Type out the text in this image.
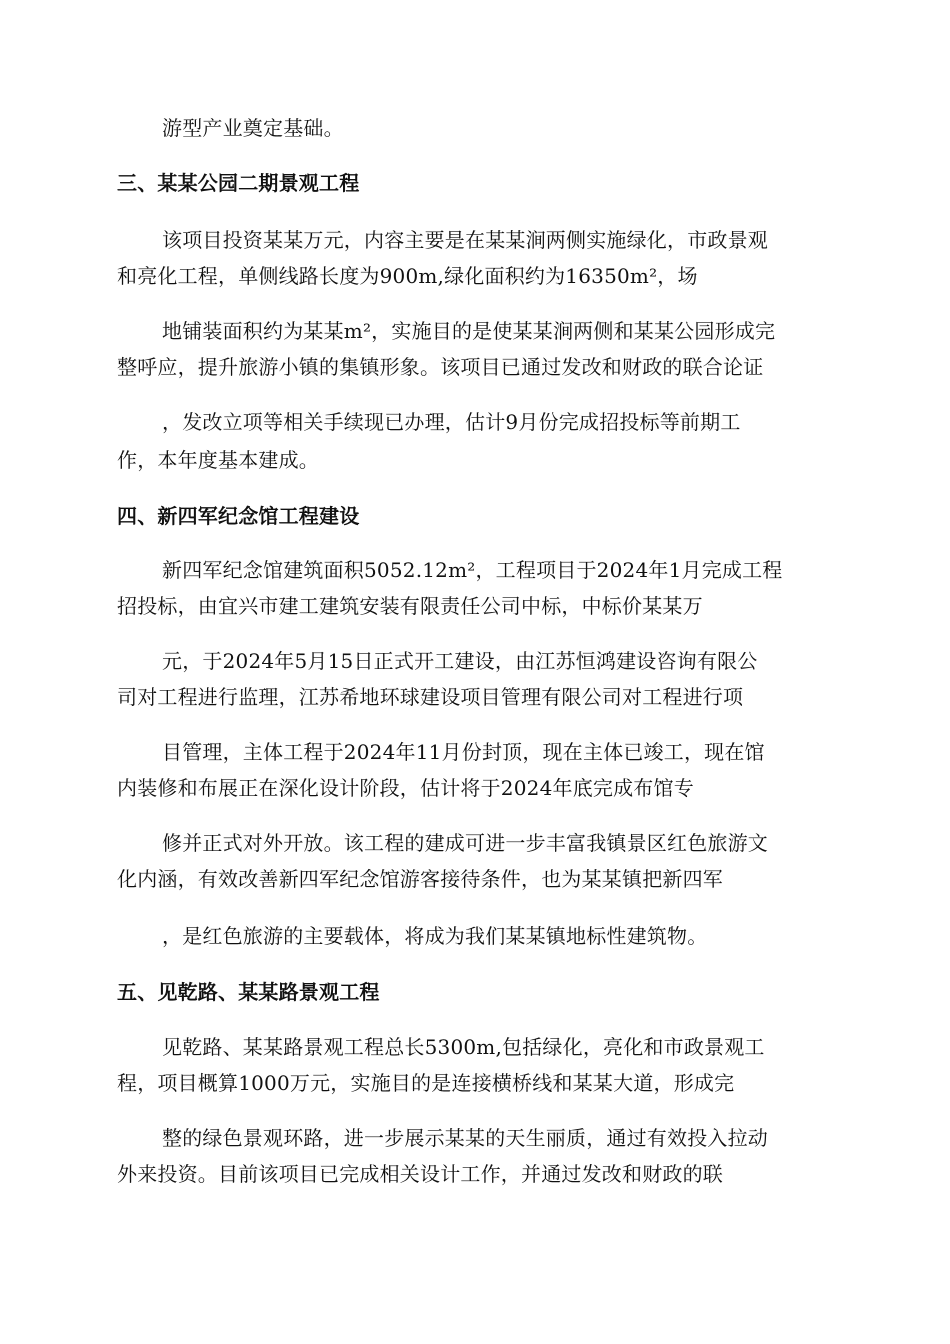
游型产业奠定基础。
三、某某公园二期景观工程
该项目投资某某万元，内容主要是在某某涧两侧实施绿化，市政景观
和亮化工程，单侧线路长度为900m,绿化面积约为16350m²，场
地铺装面积约为某某m²，实施目的是使某某涧两侧和某某公园形成完
整呼应，提升旅游小镇的集镇形象。该项目已通过发改和财政的联合论证
，发改立项等相关手续现已办理，估计9月份完成招投标等前期工
作，本年度基本建成。
四、新四军纪念馆工程建设
新四军纪念馆建筑面积5052.12m²，工程项目于2024年1月完成工程
招投标，由宜兴市建工建筑安装有限责任公司中标，中标价某某万
元，于2024年5月15日正式开工建设，由江苏恒鸿建设咨询有限公
司对工程进行监理，江苏希地环球建设项目管理有限公司对工程进行项
目管理，主体工程于2024年11月份封顶，现在主体已竣工，现在馆
内装修和布展正在深化设计阶段，估计将于2024年底完成布馆专
修并正式对外开放。该工程的建成可进一步丰富我镇景区红色旅游文
化内涵，有效改善新四军纪念馆游客接待条件，也为某某镇把新四军
，是红色旅游的主要载体，将成为我们某某镇地标性建筑物。
五、见乾路、某某路景观工程
见乾路、某某路景观工程总长5300m,包括绿化，亮化和市政景观工
程，项目概算1000万元，实施目的是连接横桥线和某某大道，形成完
整的绿色景观环路，进一步展示某某的天生丽质，通过有效投入拉动
外来投资。目前该项目已完成相关设计工作，并通过发改和财政的联
